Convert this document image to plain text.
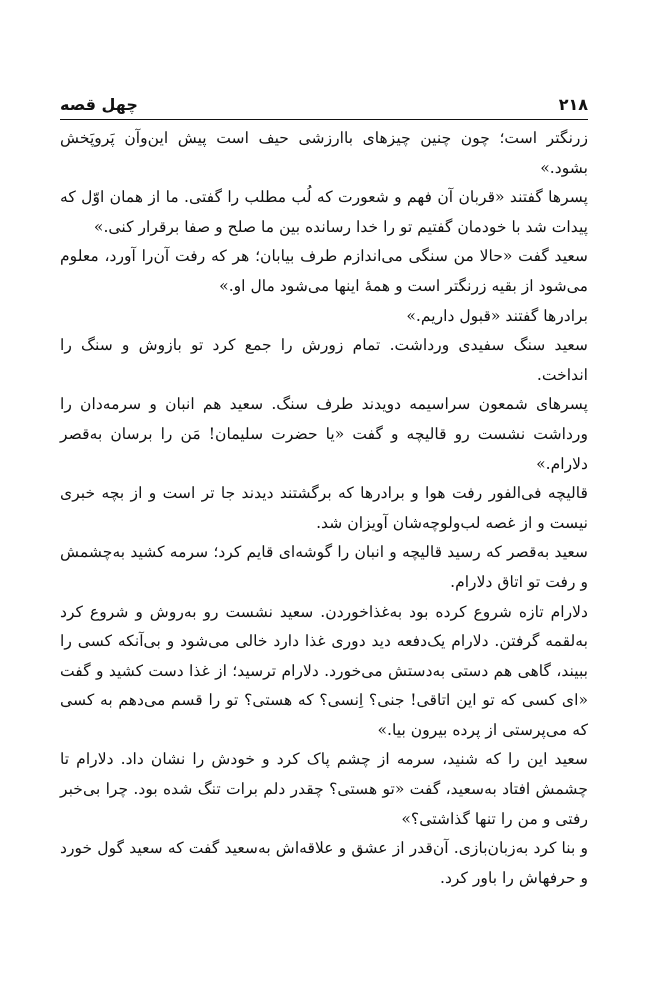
۲۱۸
چهل قصه

زرنگتر است؛ چون چنین چیزهای باارزشی حیف است پیش این‌وآن پَروپَخش بشود.»

پسرها گفتند «قربان آن فهم و شعورت که لُب مطلب را گفتی. ما از همان اوّل که پیدات شد با خودمان گفتیم تو را خدا رسانده بین ما صلح و صفا برقرار کنی.»

سعید گفت «حالا من سنگی می‌اندازم طرف بیابان؛ هر که رفت آن‌را آورد، معلوم می‌شود از بقیه زرنگتر است و همهٔ اینها می‌شود مال او.»

برادرها گفتند «قبول داریم.»

سعید سنگ سفیدی ورداشت. تمام زورش را جمع کرد تو بازوش و سنگ را انداخت.

پسرهای شمعون سراسیمه دویدند طرف سنگ. سعید هم انبان و سرمه‌دان را ورداشت نشست رو قالیچه و گفت «یا حضرت سلیمان! مَن را برسان به‌قصر دلارام.»

قالیچه فی‌الفور رفت هوا و برادرها که برگشتند دیدند جا تر است و از بچه خبری نیست و از غصه لب‌ولوچه‌شان آویزان شد.

سعید به‌قصر که رسید قالیچه و انبان را گوشه‌ای قایم کرد؛ سرمه کشید به‌چشمش و رفت تو اتاق دلارام.

دلارام تازه شروع کرده بود به‌غذاخوردن. سعید نشست رو به‌روش و شروع کرد به‌لقمه گرفتن. دلارام یک‌دفعه دید دوری غذا دارد خالی می‌شود و بی‌آنکه کسی را ببیند، گاهی هم دستی به‌دستش می‌خورد. دلارام ترسید؛ از غذا دست کشید و گفت «ای کسی که تو این اتاقی! جنی؟ اِنسی؟ که هستی؟ تو را قسم می‌دهم به کسی که می‌پرستی از پرده بیرون بیا.»

سعید این را که شنید، سرمه از چشم پاک کرد و خودش را نشان داد. دلارام تا چشمش افتاد به‌سعید، گفت «تو هستی؟ چقدر دلم برات تنگ شده بود. چرا بی‌خبر رفتی و من را تنها گذاشتی؟»

و بنا کرد به‌زبان‌بازی. آن‌قدر از عشق و علاقه‌اش به‌سعید گفت که سعید گول خورد و حرفهاش را باور کرد.
